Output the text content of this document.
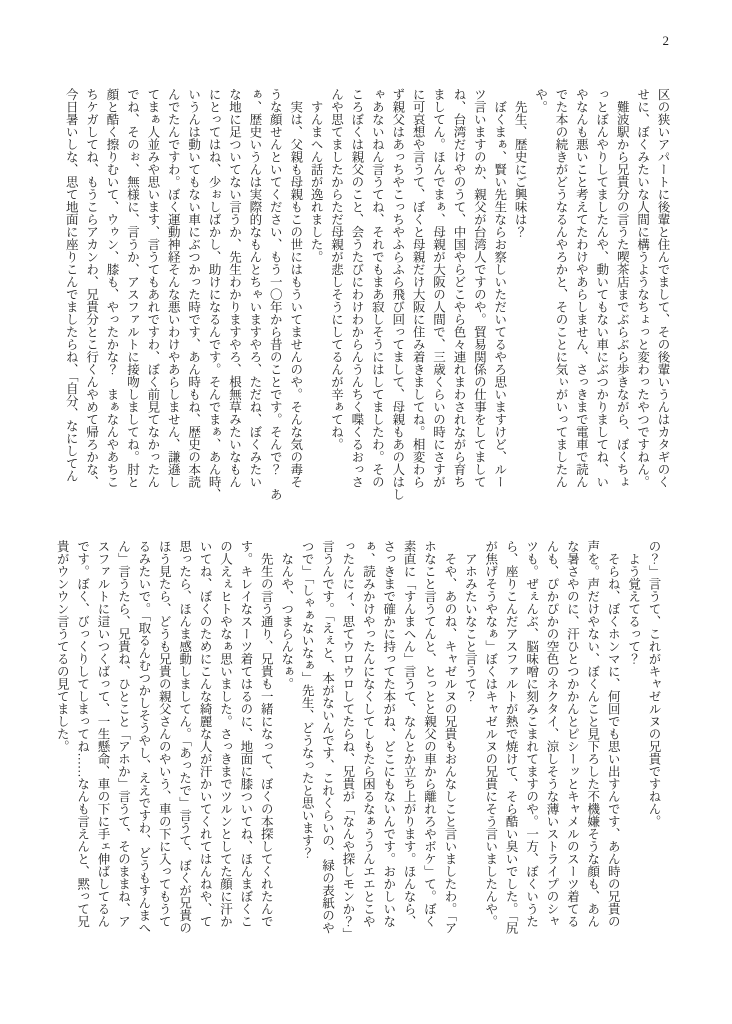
2
区の狭いアパートに後輩と住んでまして、その後輩いうんはカタギのく
せに、ぼくみたいな人間に構うようなちょっと変わったやつですねん。
　難波駅から兄貴分の言うた喫茶店までぶらぶら歩きながら、ぼくちょ
っとぼんやりしてましたんや、動いてもない車にぶつかりましてね、い
やなんも悪いこと考えてたわけやあらしません、さっきまで電車で読ん
でた本の続きがどうなるんやろかと、そのことに気ぃがいってましたん
や。
　先生、歴史にご興味は？
　ぼくまぁ、賢い先生ならお察しいただいてるやろ思いますけど、ルー
ツ言いますのか、親父が台湾人ですのや。貿易関係の仕事をしてまして
ね、台湾だけやのうて、中国やらどこやら色々連れまわされながら育ち
ましてん。ほんでまぁ、母親が大阪の人間で、三歳くらいの時にさすが
に可哀想や言うて、ぼくと母親だけ大阪に住み着きましてね。相変わら
ず親父はあっちやこっちやふらふら飛び回ってまして、母親もあの人はし
ゃあないねん言うてね、それでもまあ寂しそうにはしてましたわ。その
ころぼくは親父のこと、会うたびにわけわからんうんちく喋くるおっさ
んや思てましたからただ母親が悲しそうにしてるんが辛ぁてね。
　すんまへん話が逸れました。
　実は、父親も母親もこの世にはもういてませんのや。そんな気の毒そ
うな顔せんといてください、もう一〇年から昔のことです。そんで？　あ
ぁ、歴史いうんは実際的なもんとちゃいますやろ、ただね、ぼくみたい
な地に足ついてない言うか、先生わかりますやろ、根無草みたいなもん
にとってはね、少ぉしばかし、助けになるんです。そんでまぁ、あん時、
いうんは動いてもない車にぶつかった時です、あん時もね、歴史の本読
んでたんですわ。ぼく運動神経そんな悪いわけやあらしません、謙遜し
てまぁ人並みや思います、言うてもあれですわ、ぼく前見てなかったん
でね、そのぉ、無様に、言うか、アスファルトに接吻しましてね。肘と
顔と酷く擦りむいて、ウゥン、膝も、やったかな？　まぁなんやあちこ
ちケガしてね、もうこらアカンわ、兄貴分とこ行くんやめて帰ろかな、
今日暑いしな、思て地面に座りこんでましたらね、「自分、なにしてん
の？」言うて、これがキャゼルヌの兄貴ですねん。
　よう覚えてるって？
　そらね、ぼくホンマに、何回でも思い出すんです、あん時の兄貴の
声を。声だけやない、ぼくんこと見下ろした不機嫌そうな顔も、あん
な暑さやのに、汗ひとつかかんとピシーッとキャメルのスーツ着てる
んも、ぴかぴかの空色のネクタイ、涼しそうな薄いストライプのシャ
ツも。ぜぇんぶ、脳味噌に刻みこまれてますのや。一方、ぼくいうた
ら、座りこんだアスファルトが熱で焼けて、そら酷い臭いでした。「尻
が焦げそうやなぁ」ぼくはキャゼルヌの兄貴にそう言いましたんや。
　アホみたいなこと言うて？
　そや、あのね、キャゼルヌの兄貴もおんなしこと言いましたわ。「ア
ホなこと言うてんと、とっとと親父の車から離れろやボケ」て。ぼく
素直に「すんまへん」言うて、なんとか立ち上がります。ほんなら、
さっきまで確かに持ってた本がね、どこにもないんです。おかしいな
ぁ、読みかけやったんになくしてしもたら困るなぁううんエエとこや
ったんにィ、思てウロウロしてたらね、兄貴が「なんや探しモンか？」
言うんです。「えぇと、本がないんです、これくらいの、緑の表紙のや
つで」「しゃぁないなぁ」先生、どうなったと思います？
　なんや、つまらんなぁ。
　先生の言う通り、兄貴も一緒になって、ぼくの本探してくれたんで
す。キレイなスーツ着てはるのに、地面に膝ついてね、ほんまぼくこ
の人えぇヒトやなぁ思いました。さっきまでツルンとしてた顔に汗か
いてね、ぼくのためにこんな綺麗な人が汗かいてくれてはんねや、て
思ったら、ほんま感動しましてん。「あったで」言うて、ぼくが兄貴の
ほう見たら、どうも兄貴の親父さんのやいう、車の下に入ってもうて
るみたいで。「取るんむつかしそうやし、ええですわ、どうもすんまへ
ん」言うたら、兄貴ね、ひとこと「アホか」言うて、そのままね、ア
スファルトに這いつくばって、一生懸命、車の下に手ェ伸ばしてるん
です。ぼく、びっくりしてしまってね……なんも言えんと、黙って兄
貴がウンウン言うてるの見てました。
